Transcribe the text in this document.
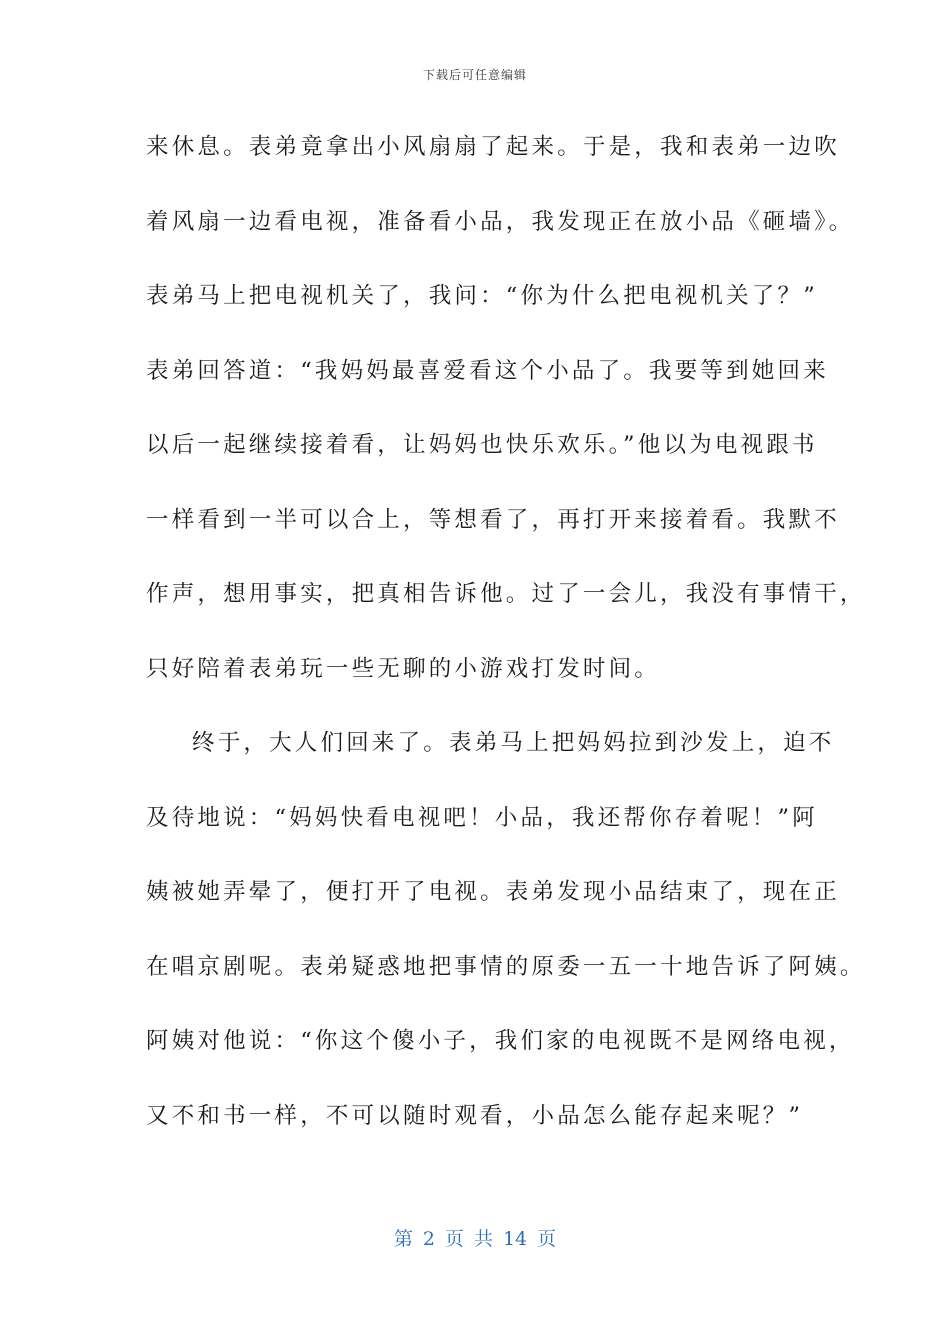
下载后可任意编辑
来休息。表弟竟拿出小风扇扇了起来。于是，我和表弟一边吹
着风扇一边看电视，准备看小品，我发现正在放小品《砸墙》。
表弟马上把电视机关了，我问：“你为什么把电视机关了？”
表弟回答道：“我妈妈最喜爱看这个小品了。我要等到她回来
以后一起继续接着看，让妈妈也快乐欢乐。”他以为电视跟书
一样看到一半可以合上，等想看了，再打开来接着看。我默不
作声，想用事实，把真相告诉他。过了一会儿，我没有事情干，
只好陪着表弟玩一些无聊的小游戏打发时间。
终于，大人们回来了。表弟马上把妈妈拉到沙发上，迫不
及待地说：“妈妈快看电视吧！小品，我还帮你存着呢！”阿
姨被她弄晕了，便打开了电视。表弟发现小品结束了，现在正
在唱京剧呢。表弟疑惑地把事情的原委一五一十地告诉了阿姨。
阿姨对他说：“你这个傻小子，我们家的电视既不是网络电视，
又不和书一样，不可以随时观看，小品怎么能存起来呢？”
第 2 页 共 14 页
